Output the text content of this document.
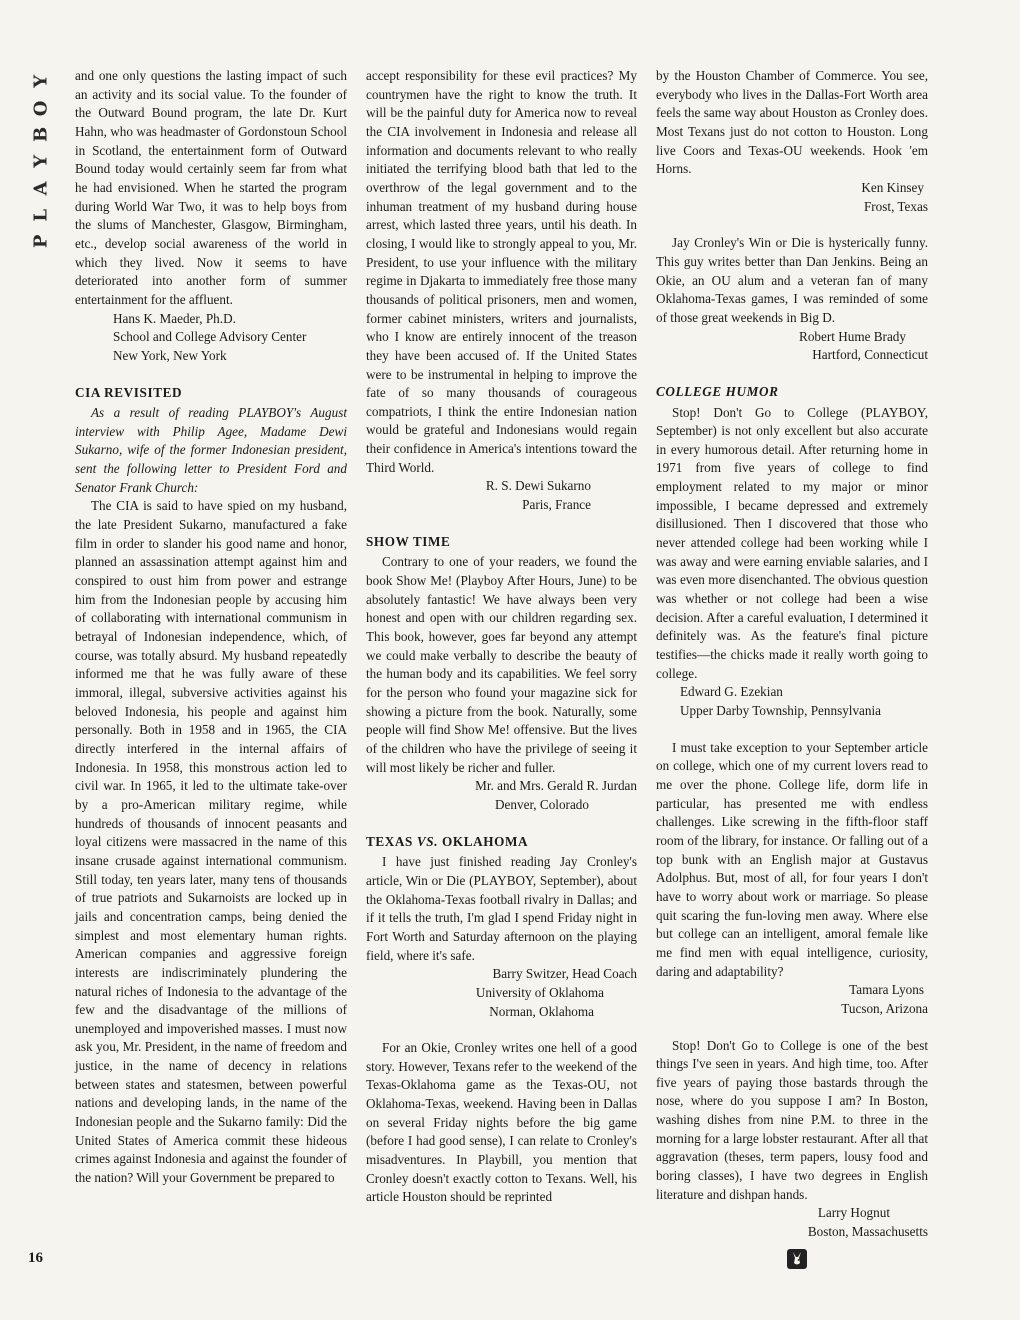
Y
O
B
Y
A
L
P
16

and one only questions the lasting impact of such an activity and its social value. To the founder of the Outward Bound program, the late Dr. Kurt Hahn, who was headmaster of Gordonstoun School in Scotland, the entertainment form of Outward Bound today would certainly seem far from what he had envisioned. When he started the program during World War Two, it was to help boys from the slums of Manchester, Glasgow, Birmingham, etc., develop social awareness of the world in which they lived. Now it seems to have deteriorated into another form of summer entertainment for the affluent.

Hans K. Maeder, Ph.D.
School and College Advisory Center
New York, New York
CIA REVISITED

As a result of reading PLAYBOY's August interview with Philip Agee, Madame Dewi Sukarno, wife of the former Indonesian president, sent the following letter to President Ford and Senator Frank Church:

The CIA is said to have spied on my husband, the late President Sukarno, manufactured a fake film in order to slander his good name and honor, planned an assassination attempt against him and conspired to oust him from power and estrange him from the Indonesian people by accusing him of collaborating with international communism in betrayal of Indonesian independence, which, of course, was totally absurd. My husband repeatedly informed me that he was fully aware of these immoral, illegal, subversive activities against his beloved Indonesia, his people and against him personally. Both in 1958 and in 1965, the CIA directly interfered in the internal affairs of Indonesia. In 1958, this monstrous action led to civil war. In 1965, it led to the ultimate take-over by a pro-American military regime, while hundreds of thousands of innocent peasants and loyal citizens were massacred in the name of this insane crusade against international communism. Still today, ten years later, many tens of thousands of true patriots and Sukarnoists are locked up in jails and concentration camps, being denied the simplest and most elementary human rights. American companies and aggressive foreign interests are indiscriminately plundering the natural riches of Indonesia to the advantage of the few and the disadvantage of the millions of unemployed and impoverished masses. I must now ask you, Mr. President, in the name of freedom and justice, in the name of decency in relations between states and statesmen, between powerful nations and developing lands, in the name of the Indonesian people and the Sukarno family: Did the United States of America commit these hideous crimes against Indonesia and against the founder of the nation? Will your Government be prepared to

accept responsibility for these evil practices? My countrymen have the right to know the truth. It will be the painful duty for America now to reveal the CIA involvement in Indonesia and release all information and documents relevant to who really initiated the terrifying blood bath that led to the overthrow of the legal government and to the inhuman treatment of my husband during house arrest, which lasted three years, until his death. In closing, I would like to strongly appeal to you, Mr. President, to use your influence with the military regime in Djakarta to immediately free those many thousands of political prisoners, men and women, former cabinet ministers, writers and journalists, who I know are entirely innocent of the treason they have been accused of. If the United States were to be instrumental in helping to improve the fate of so many thousands of courageous compatriots, I think the entire Indonesian nation would be grateful and Indonesians would regain their confidence in America's intentions toward the Third World.

R. S. Dewi Sukarno
Paris, France
SHOW TIME

Contrary to one of your readers, we found the book Show Me! (Playboy After Hours, June) to be absolutely fantastic! We have always been very honest and open with our children regarding sex. This book, however, goes far beyond any attempt we could make verbally to describe the beauty of the human body and its capabilities. We feel sorry for the person who found your magazine sick for showing a picture from the book. Naturally, some people will find Show Me! offensive. But the lives of the children who have the privilege of seeing it will most likely be richer and fuller.

Mr. and Mrs. Gerald R. Jurdan
Denver, Colorado
TEXAS VS. OKLAHOMA

I have just finished reading Jay Cronley's article, Win or Die (PLAYBOY, September), about the Oklahoma-Texas football rivalry in Dallas; and if it tells the truth, I'm glad I spend Friday night in Fort Worth and Saturday afternoon on the playing field, where it's safe.

Barry Switzer, Head Coach
University of Oklahoma
Norman, Oklahoma

For an Okie, Cronley writes one hell of a good story. However, Texans refer to the weekend of the Texas-Oklahoma game as the Texas-OU, not Oklahoma-Texas, weekend. Having been in Dallas on several Friday nights before the big game (before I had good sense), I can relate to Cronley's misadventures. In Playbill, you mention that Cronley doesn't exactly cotton to Texans. Well, his article Houston should be reprinted

by the Houston Chamber of Commerce. You see, everybody who lives in the Dallas-Fort Worth area feels the same way about Houston as Cronley does. Most Texans just do not cotton to Houston. Long live Coors and Texas-OU weekends. Hook 'em Horns.

Ken Kinsey
Frost, Texas

Jay Cronley's Win or Die is hysterically funny. This guy writes better than Dan Jenkins. Being an Okie, an OU alum and a veteran fan of many Oklahoma-Texas games, I was reminded of some of those great weekends in Big D.

Robert Hume Brady
Hartford, Connecticut
COLLEGE HUMOR

Stop! Don't Go to College (PLAYBOY, September) is not only excellent but also accurate in every humorous detail. After returning home in 1971 from five years of college to find employment related to my major or minor impossible, I became depressed and extremely disillusioned. Then I discovered that those who never attended college had been working while I was away and were earning enviable salaries, and I was even more disenchanted. The obvious question was whether or not college had been a wise decision. After a careful evaluation, I determined it definitely was. As the feature's final picture testifies—the chicks made it really worth going to college.

Edward G. Ezekian
Upper Darby Township, Pennsylvania

I must take exception to your September article on college, which one of my current lovers read to me over the phone. College life, dorm life in particular, has presented me with endless challenges. Like screwing in the fifth-floor staff room of the library, for instance. Or falling out of a top bunk with an English major at Gustavus Adolphus. But, most of all, for four years I don't have to worry about work or marriage. So please quit scaring the fun-loving men away. Where else but college can an intelligent, amoral female like me find men with equal intelligence, curiosity, daring and adaptability?

Tamara Lyons
Tucson, Arizona

Stop! Don't Go to College is one of the best things I've seen in years. And high time, too. After five years of paying those bastards through the nose, where do you suppose I am? In Boston, washing dishes from nine P.M. to three in the morning for a large lobster restaurant. After all that aggravation (theses, term papers, lousy food and boring classes), I have two degrees in English literature and dishpan hands.

Larry Hognut
Boston, Massachusetts
